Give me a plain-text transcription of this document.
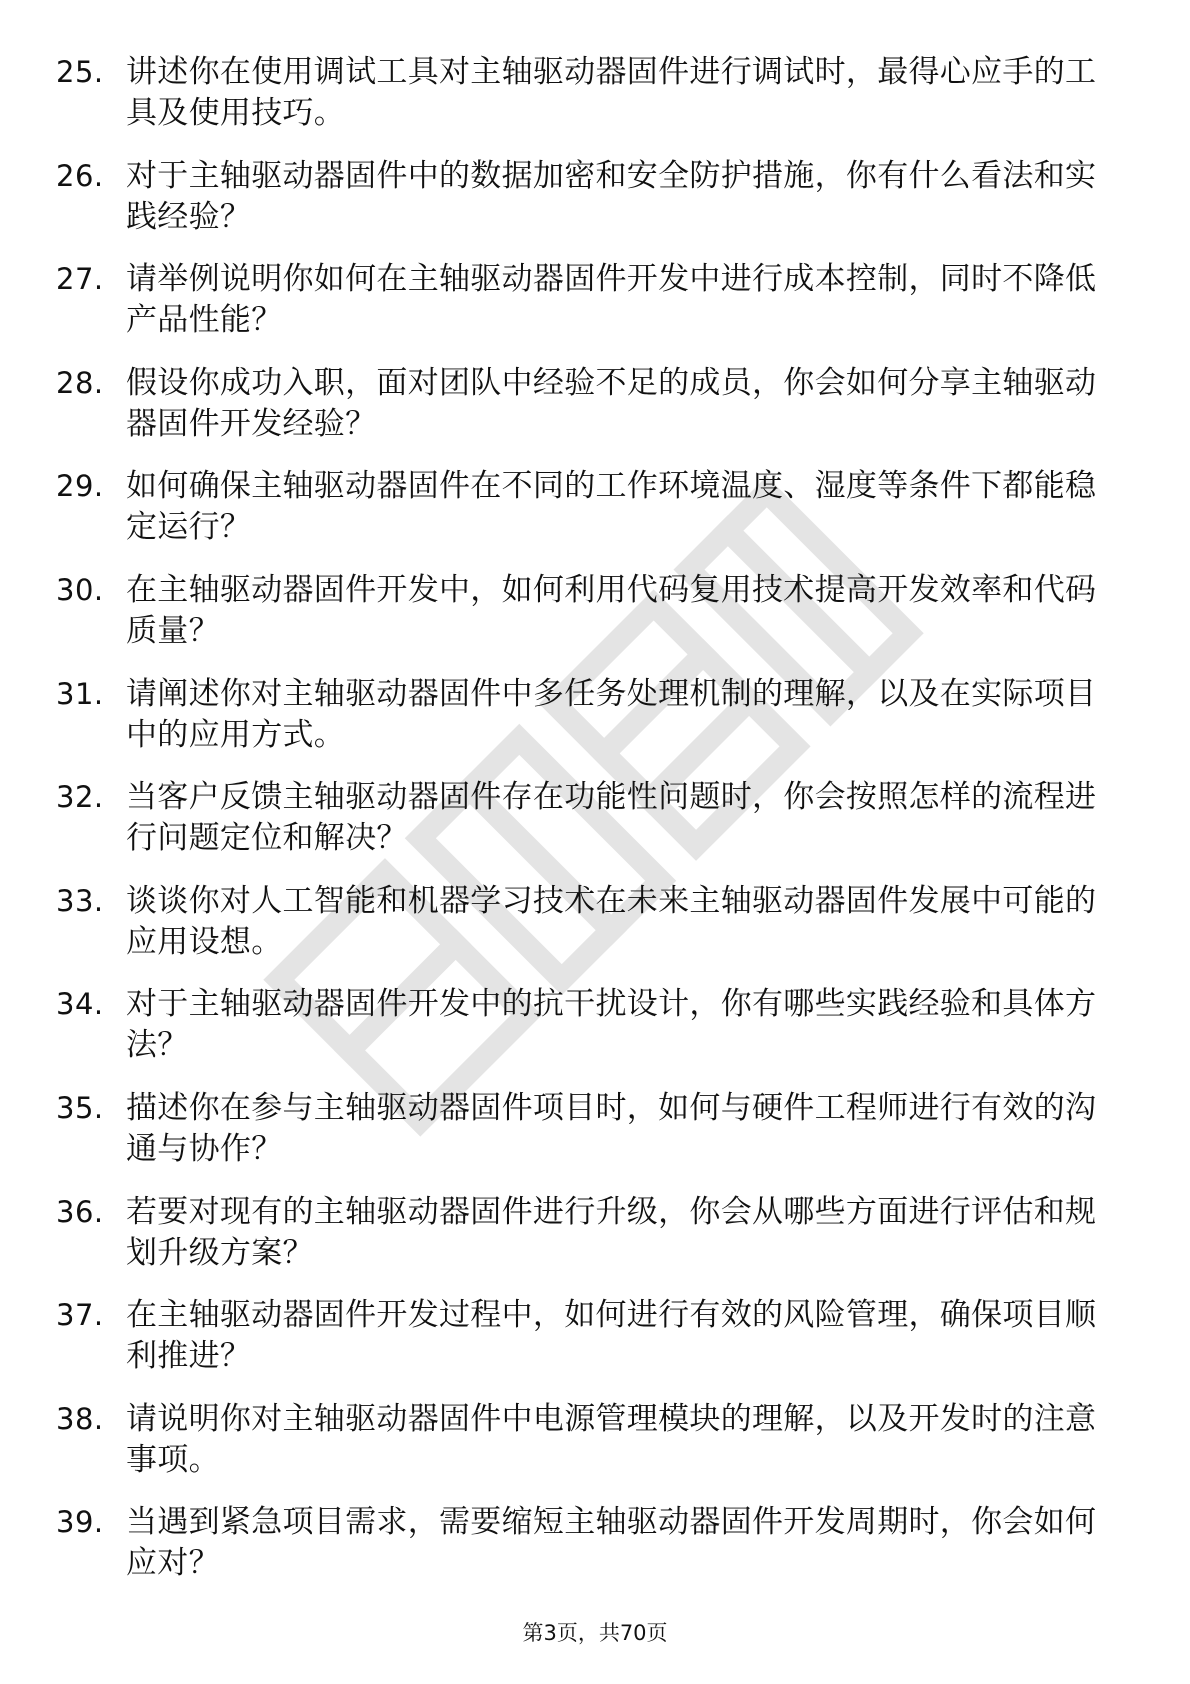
25. 讲述你在使用调试工具对主轴驱动器固件进行调试时，最得心应手的工具及使用技巧。
26. 对于主轴驱动器固件中的数据加密和安全防护措施，你有什么看法和实践经验？
27. 请举例说明你如何在主轴驱动器固件开发中进行成本控制，同时不降低产品性能？
28. 假设你成功入职，面对团队中经验不足的成员，你会如何分享主轴驱动器固件开发经验？
29. 如何确保主轴驱动器固件在不同的工作环境温度、湿度等条件下都能稳定运行？
30. 在主轴驱动器固件开发中，如何利用代码复用技术提高开发效率和代码质量？
31. 请阐述你对主轴驱动器固件中多任务处理机制的理解，以及在实际项目中的应用方式。
32. 当客户反馈主轴驱动器固件存在功能性问题时，你会按照怎样的流程进行问题定位和解决？
33. 谈谈你对人工智能和机器学习技术在未来主轴驱动器固件发展中可能的应用设想。
34. 对于主轴驱动器固件开发中的抗干扰设计，你有哪些实践经验和具体方法？
35. 描述你在参与主轴驱动器固件项目时，如何与硬件工程师进行有效的沟通与协作？
36. 若要对现有的主轴驱动器固件进行升级，你会从哪些方面进行评估和规划升级方案？
37. 在主轴驱动器固件开发过程中，如何进行有效的风险管理，确保项目顺利推进？
38. 请说明你对主轴驱动器固件中电源管理模块的理解，以及开发时的注意事项。
39. 当遇到紧急项目需求，需要缩短主轴驱动器固件开发周期时，你会如何应对？
第3页，共70页
